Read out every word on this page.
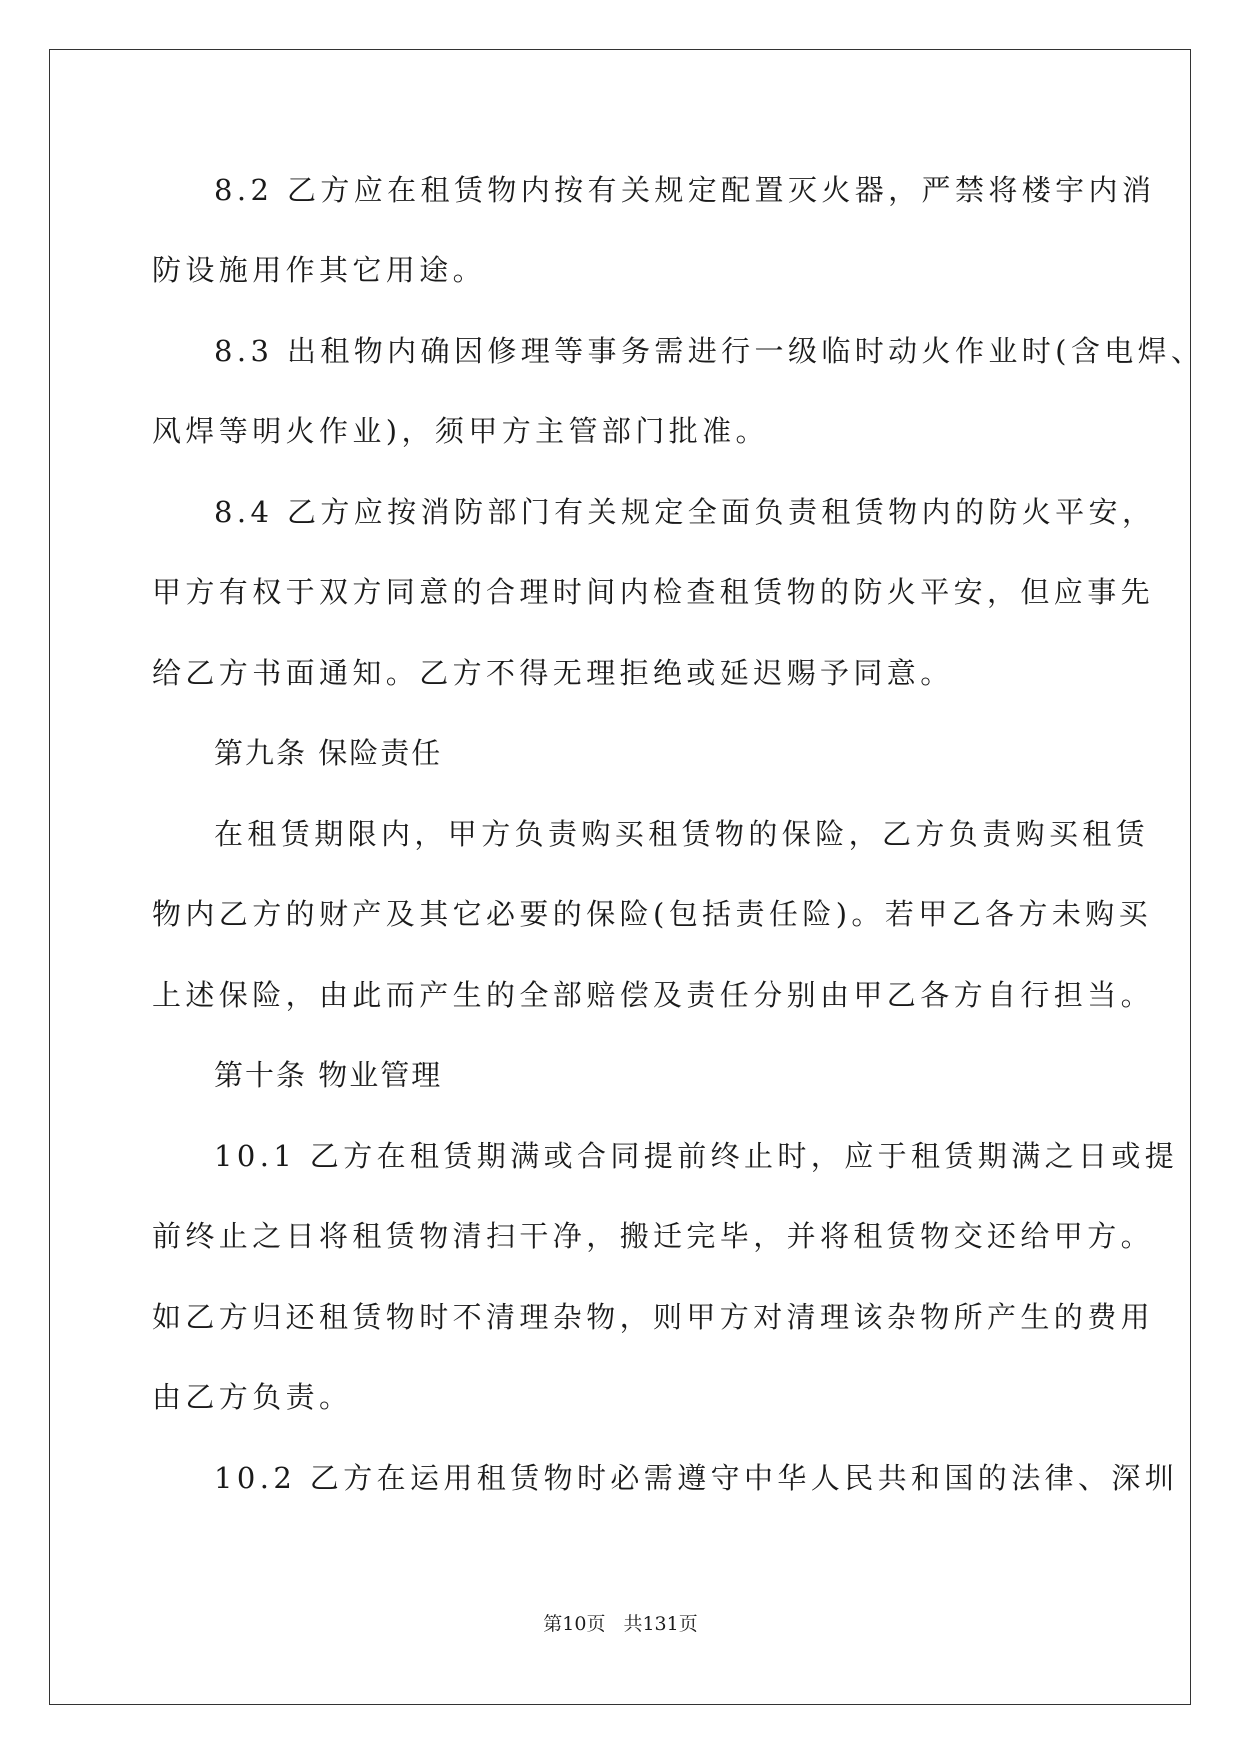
8.2 乙方应在租赁物内按有关规定配置灭火器，严禁将楼宇内消
防设施用作其它用途。
8.3 出租物内确因修理等事务需进行一级临时动火作业时(含电焊、
风焊等明火作业)，须甲方主管部门批准。
8.4 乙方应按消防部门有关规定全面负责租赁物内的防火平安，
甲方有权于双方同意的合理时间内检查租赁物的防火平安，但应事先
给乙方书面通知。乙方不得无理拒绝或延迟赐予同意。
第九条 保险责任
在租赁期限内，甲方负责购买租赁物的保险，乙方负责购买租赁
物内乙方的财产及其它必要的保险(包括责任险)。若甲乙各方未购买
上述保险，由此而产生的全部赔偿及责任分别由甲乙各方自行担当。
第十条 物业管理
10.1 乙方在租赁期满或合同提前终止时，应于租赁期满之日或提
前终止之日将租赁物清扫干净，搬迁完毕，并将租赁物交还给甲方。
如乙方归还租赁物时不清理杂物，则甲方对清理该杂物所产生的费用
由乙方负责。
10.2 乙方在运用租赁物时必需遵守中华人民共和国的法律、深圳
第10页 共131页
